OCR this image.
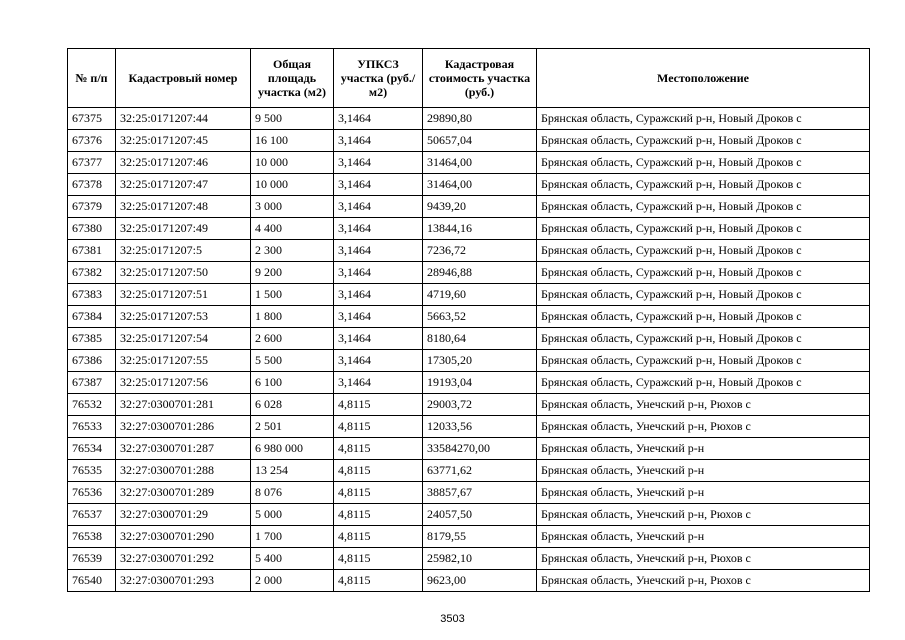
№ п/п	Кадастровый номер	Общая площадь участка (м2)	УПКСЗ участка (руб./м2)	Кадастровая стоимость участка (руб.)	Местоположение
67375	32:25:0171207:44	9 500	3,1464	29890,80	Брянская область, Суражский р-н, Новый Дроков с
67376	32:25:0171207:45	16 100	3,1464	50657,04	Брянская область, Суражский р-н, Новый Дроков с
67377	32:25:0171207:46	10 000	3,1464	31464,00	Брянская область, Суражский р-н, Новый Дроков с
67378	32:25:0171207:47	10 000	3,1464	31464,00	Брянская область, Суражский р-н, Новый Дроков с
67379	32:25:0171207:48	3 000	3,1464	9439,20	Брянская область, Суражский р-н, Новый Дроков с
67380	32:25:0171207:49	4 400	3,1464	13844,16	Брянская область, Суражский р-н, Новый Дроков с
67381	32:25:0171207:5	2 300	3,1464	7236,72	Брянская область, Суражский р-н, Новый Дроков с
67382	32:25:0171207:50	9 200	3,1464	28946,88	Брянская область, Суражский р-н, Новый Дроков с
67383	32:25:0171207:51	1 500	3,1464	4719,60	Брянская область, Суражский р-н, Новый Дроков с
67384	32:25:0171207:53	1 800	3,1464	5663,52	Брянская область, Суражский р-н, Новый Дроков с
67385	32:25:0171207:54	2 600	3,1464	8180,64	Брянская область, Суражский р-н, Новый Дроков с
67386	32:25:0171207:55	5 500	3,1464	17305,20	Брянская область, Суражский р-н, Новый Дроков с
67387	32:25:0171207:56	6 100	3,1464	19193,04	Брянская область, Суражский р-н, Новый Дроков с
76532	32:27:0300701:281	6 028	4,8115	29003,72	Брянская область, Унечский р-н, Рюхов с
76533	32:27:0300701:286	2 501	4,8115	12033,56	Брянская область, Унечский р-н, Рюхов с
76534	32:27:0300701:287	6 980 000	4,8115	33584270,00	Брянская область, Унечский р-н
76535	32:27:0300701:288	13 254	4,8115	63771,62	Брянская область, Унечский р-н
76536	32:27:0300701:289	8 076	4,8115	38857,67	Брянская область, Унечский р-н
76537	32:27:0300701:29	5 000	4,8115	24057,50	Брянская область, Унечский р-н, Рюхов с
76538	32:27:0300701:290	1 700	4,8115	8179,55	Брянская область, Унечский р-н
76539	32:27:0300701:292	5 400	4,8115	25982,10	Брянская область, Унечский р-н, Рюхов с
76540	32:27:0300701:293	2 000	4,8115	9623,00	Брянская область, Унечский р-н, Рюхов с
3503
